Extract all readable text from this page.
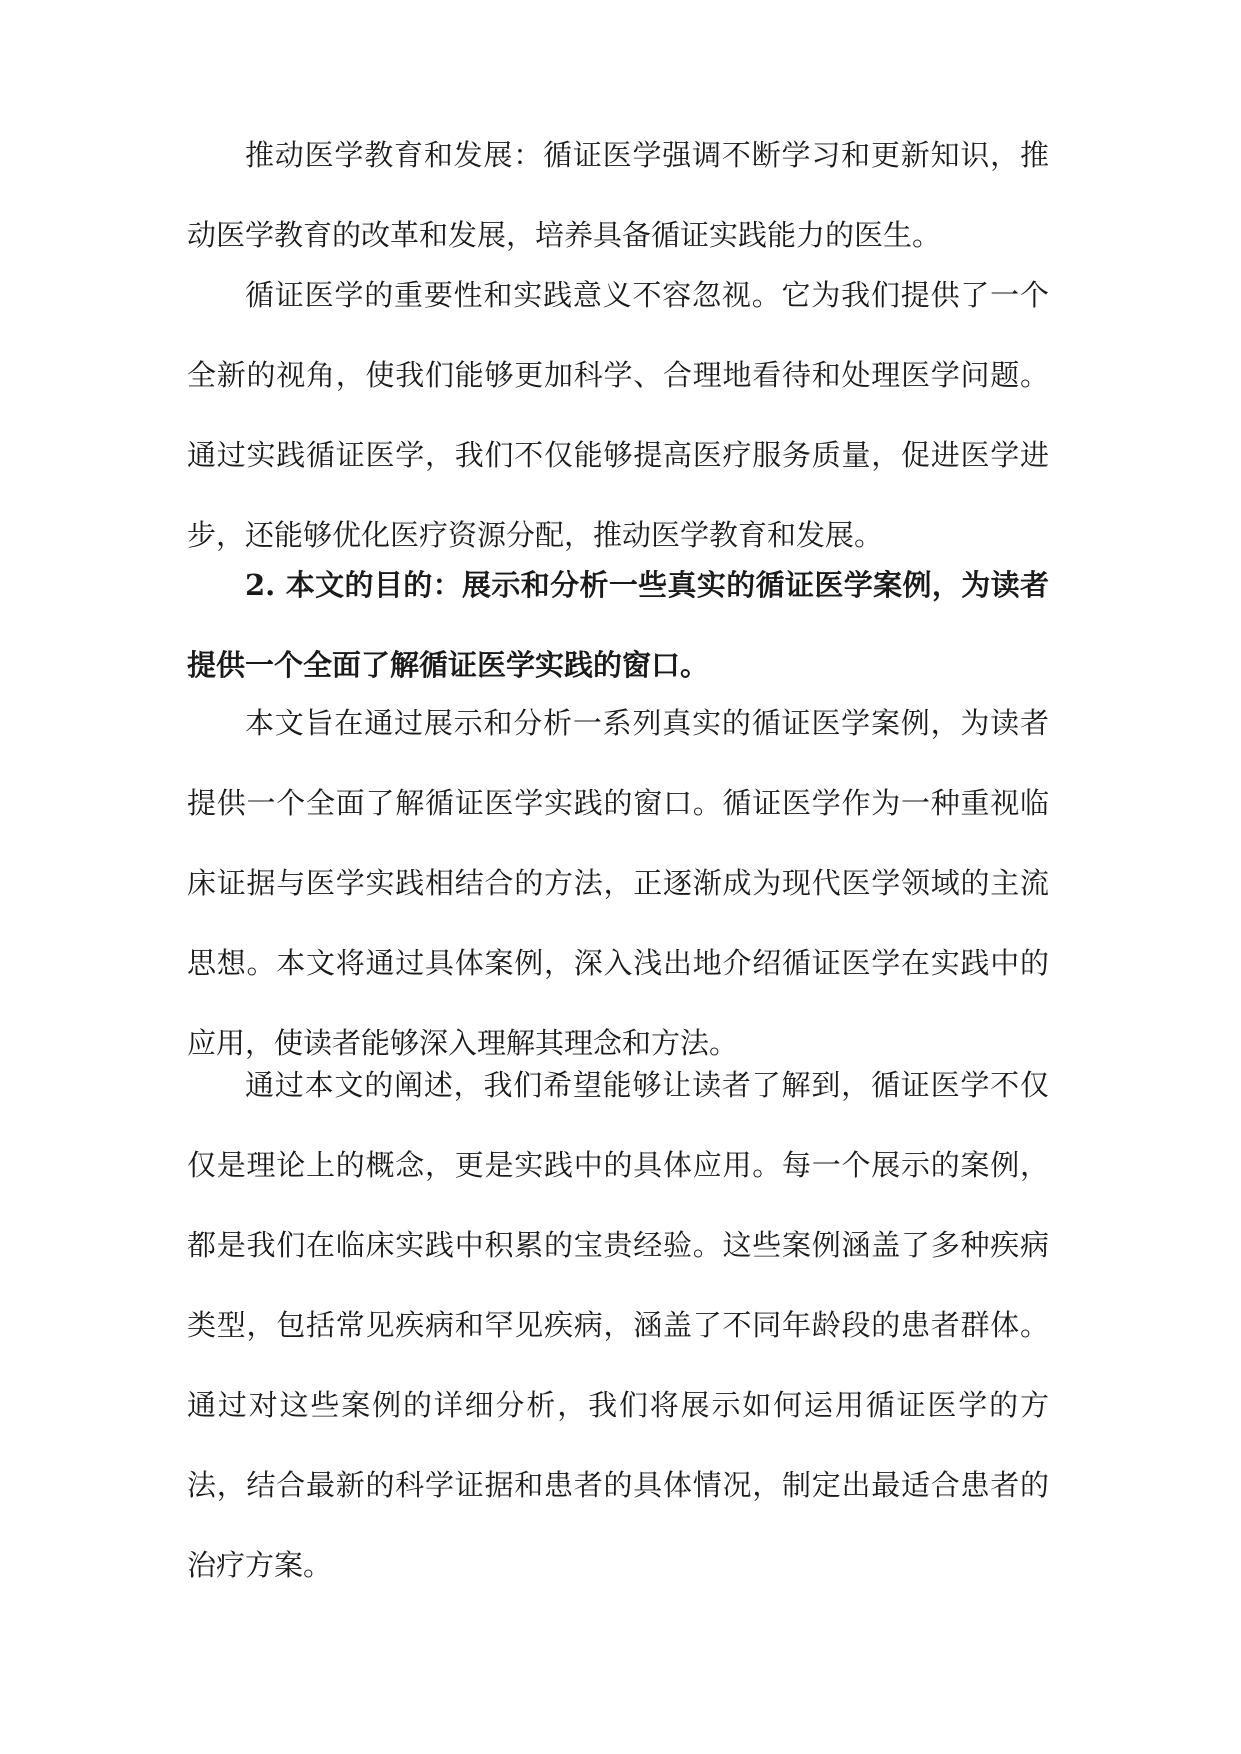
推动医学教育和发展：循证医学强调不断学习和更新知识，推动医学教育的改革和发展，培养具备循证实践能力的医生。

循证医学的重要性和实践意义不容忽视。它为我们提供了一个全新的视角，使我们能够更加科学、合理地看待和处理医学问题。通过实践循证医学，我们不仅能够提高医疗服务质量，促进医学进步，还能够优化医疗资源分配，推动医学教育和发展。

2. 本文的目的：展示和分析一些真实的循证医学案例，为读者提供一个全面了解循证医学实践的窗口。

本文旨在通过展示和分析一系列真实的循证医学案例，为读者提供一个全面了解循证医学实践的窗口。循证医学作为一种重视临床证据与医学实践相结合的方法，正逐渐成为现代医学领域的主流思想。本文将通过具体案例，深入浅出地介绍循证医学在实践中的应用，使读者能够深入理解其理念和方法。

通过本文的阐述，我们希望能够让读者了解到，循证医学不仅仅是理论上的概念，更是实践中的具体应用。每一个展示的案例，都是我们在临床实践中积累的宝贵经验。这些案例涵盖了多种疾病类型，包括常见疾病和罕见疾病，涵盖了不同年龄段的患者群体。通过对这些案例的详细分析，我们将展示如何运用循证医学的方法，结合最新的科学证据和患者的具体情况，制定出最适合患者的治疗方案。
